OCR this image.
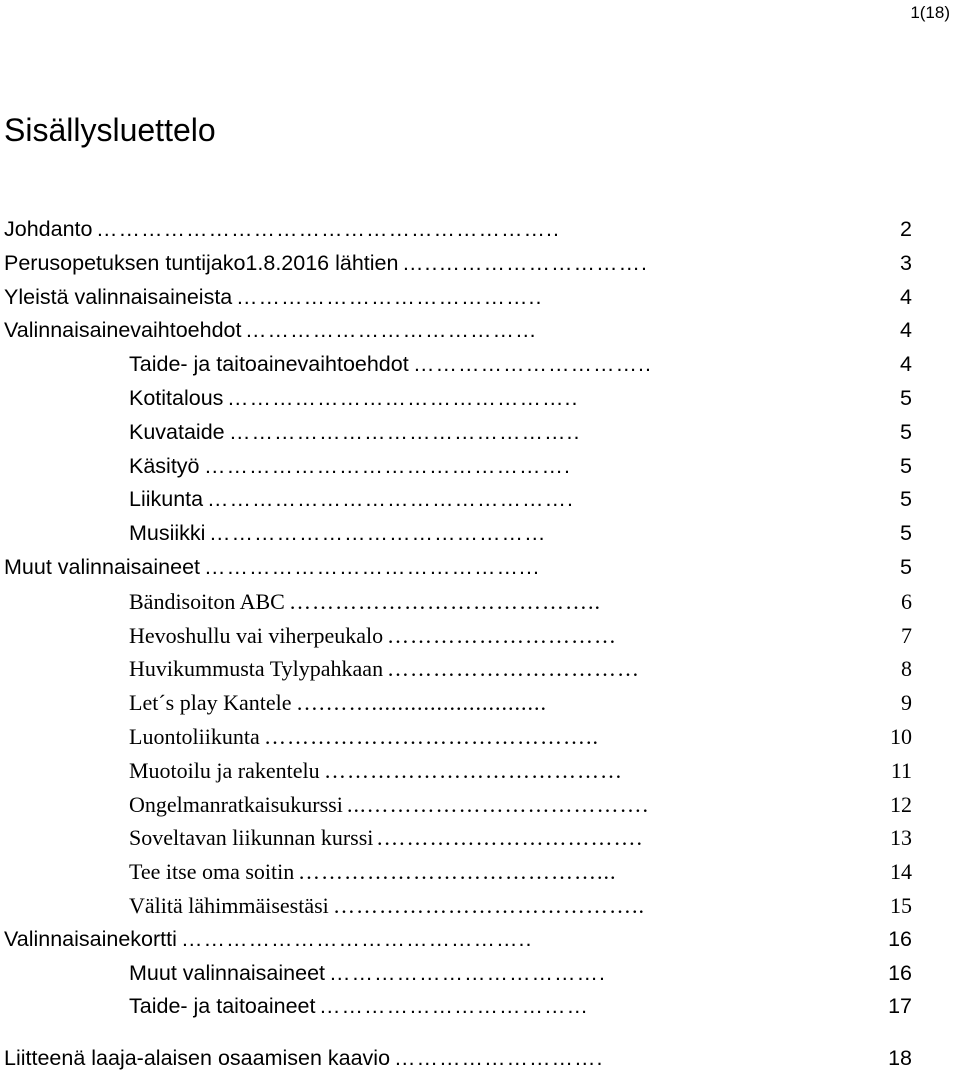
1(18)
Sisällysluettelo
……………………………………………………..
Johdanto	2
…..……………………….
Perusopetuksen tuntijako1.8.2016 lähtien	3
…………………………………..
Yleistä valinnaisaineista	4
…………………………………
Valinnaisainevaihtoehdot	4
…………………………..
Taide- ja taitoainevaihtoehdot	4
………………………………………..
Kotitalous	5
………………………………………..
Kuvataide	5
………………………………………….
Käsityö	5
………………………………………….
Liikunta	5
………………………………………
Musiikki	5
……………………………………...
Muut valinnaisaineet	5
…………………………………..
Bändisoiton ABC	6
…………………………
Hevoshullu vai viherpeukalo	7
……………………………
Huvikummusta Tylypahkaan	8
….……...........................
Let´s play Kantele	9
……………………………………..
Luontoliikunta	10
…………………………………
Muotoilu ja rakentelu	11
...……………………………….
Ongelmanratkaisukurssi	12
.…………………………….
Soveltavan liikunnan kurssi	13
…………………………………...
Tee itse oma soitin	14
…………………………………..
Välitä lähimmäisestäsi	15
………………………………………..
Valinnaisainekortti	16
……………………………….
Muut valinnaisaineet	16
………………………………
Taide- ja taitoaineet	17
……………………….
Liitteenä laaja-alaisen osaamisen kaavio	18
